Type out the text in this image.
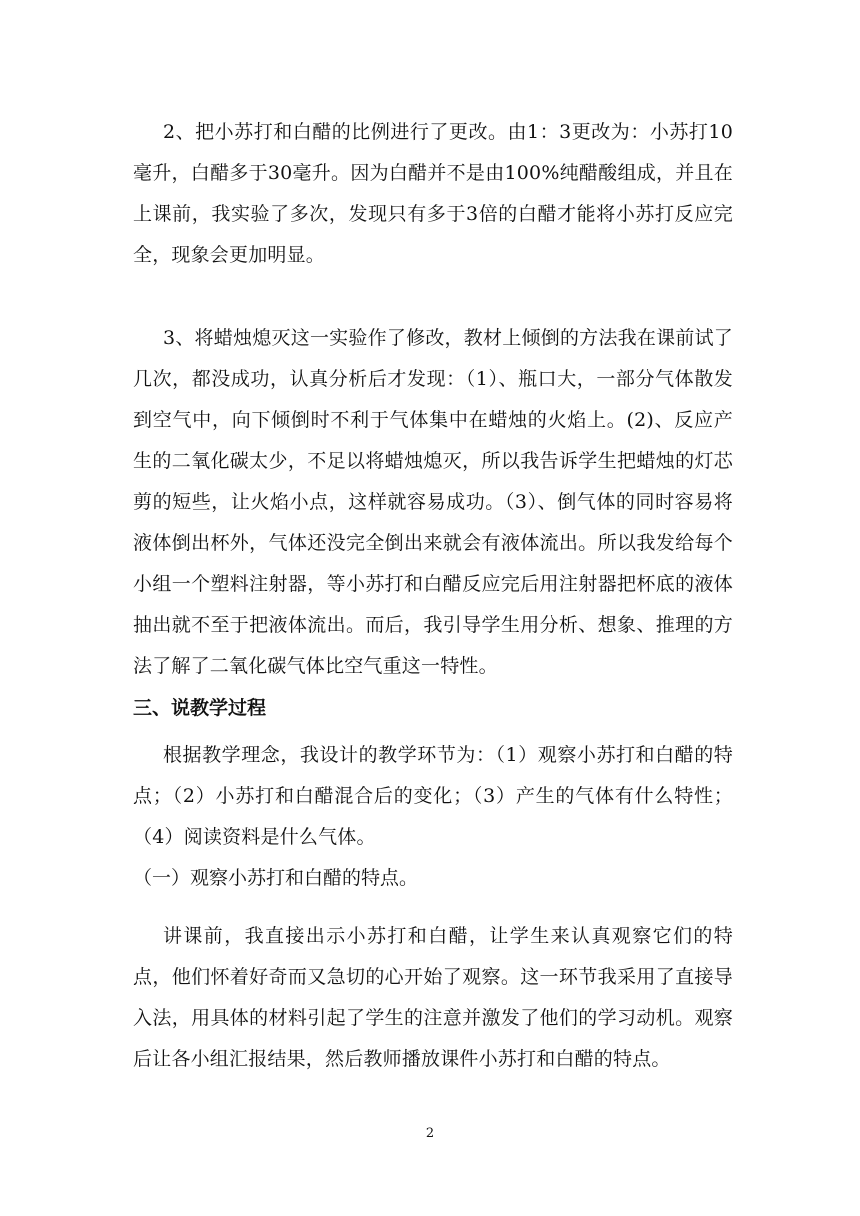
2、把小苏打和白醋的比例进行了更改。由1：3更改为：小苏打10毫升，白醋多于30毫升。因为白醋并不是由100%纯醋酸组成，并且在上课前，我实验了多次，发现只有多于3倍的白醋才能将小苏打反应完全，现象会更加明显。

3、将蜡烛熄灭这一实验作了修改，教材上倾倒的方法我在课前试了几次，都没成功，认真分析后才发现：（1）、瓶口大，一部分气体散发到空气中，向下倾倒时不利于气体集中在蜡烛的火焰上。(2)、反应产生的二氧化碳太少，不足以将蜡烛熄灭，所以我告诉学生把蜡烛的灯芯剪的短些，让火焰小点，这样就容易成功。（3）、倒气体的同时容易将液体倒出杯外，气体还没完全倒出来就会有液体流出。所以我发给每个小组一个塑料注射器，等小苏打和白醋反应完后用注射器把杯底的液体抽出就不至于把液体流出。而后，我引导学生用分析、想象、推理的方法了解了二氧化碳气体比空气重这一特性。

三、说教学过程

根据教学理念，我设计的教学环节为：（1）观察小苏打和白醋的特点；（2）小苏打和白醋混合后的变化；（3）产生的气体有什么特性；（4）阅读资料是什么气体。

（一）观察小苏打和白醋的特点。

讲课前，我直接出示小苏打和白醋，让学生来认真观察它们的特点，他们怀着好奇而又急切的心开始了观察。这一环节我采用了直接导入法，用具体的材料引起了学生的注意并激发了他们的学习动机。观察后让各小组汇报结果，然后教师播放课件小苏打和白醋的特点。

2
